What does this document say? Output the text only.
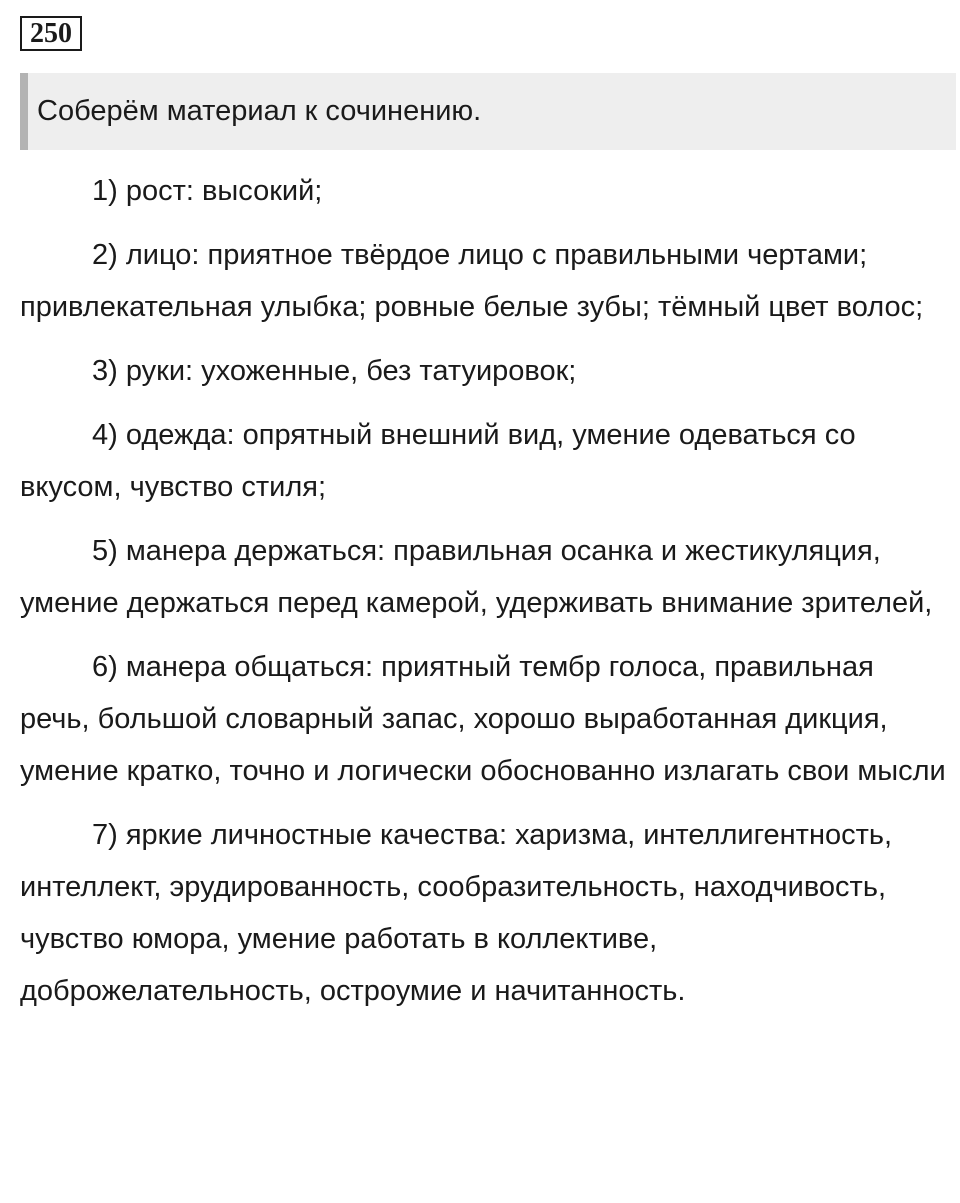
250
Соберём материал к сочинению.

1) рост: высокий;

2) лицо: приятное твёрдое лицо с правильными чертами; привлекательная улыбка; ровные белые зубы; тёмный цвет волос;

3) руки: ухоженные, без татуировок;

4) одежда: опрятный внешний вид, умение одеваться со вкусом, чувство стиля;

5) манера держаться: правильная осанка и жестикуляция, умение держаться перед камерой, удерживать внимание зрителей,

6) манера общаться: приятный тембр голоса, правильная речь, большой словарный запас, хорошо выработанная дикция, умение кратко, точно и логически обоснованно излагать свои мысли

7) яркие личностные качества: харизма, интеллигентность, интеллект, эрудированность, сообразительность, находчивость, чувство юмора, умение работать в коллективе, доброжелательность, остроумие и начитанность.
